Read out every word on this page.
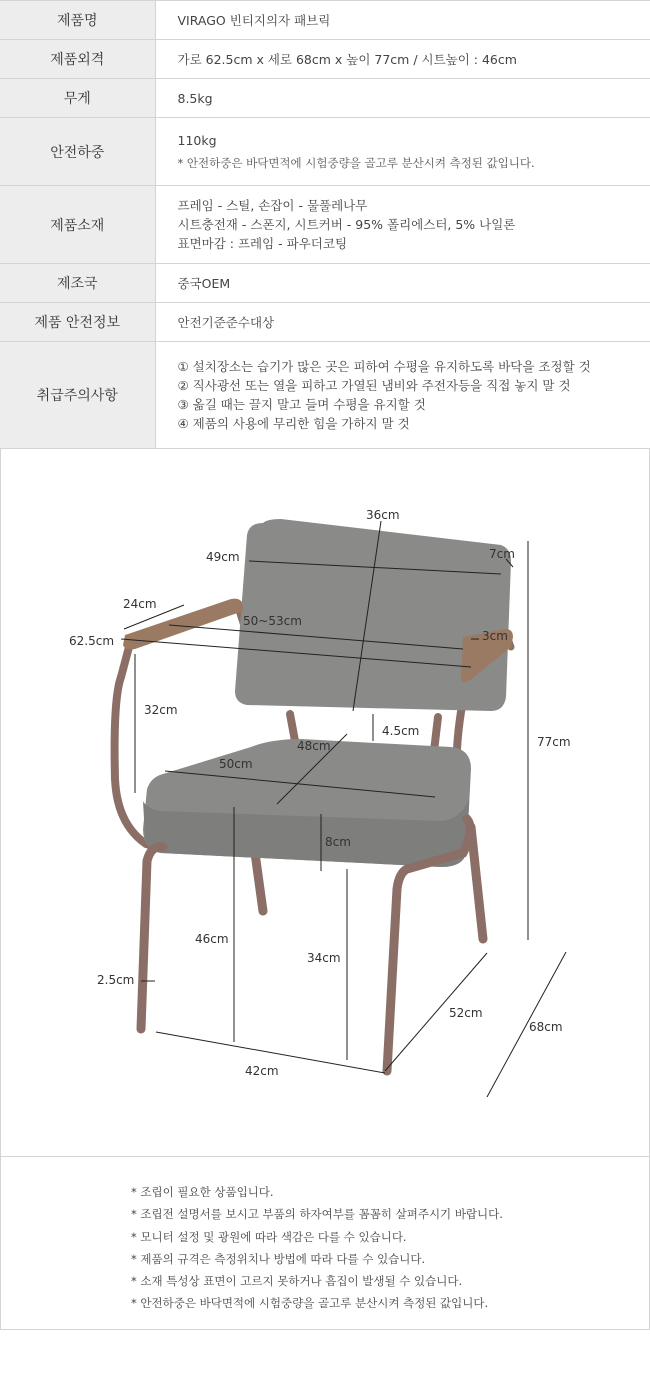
제품명	VIRAGO 빈티지의자 패브릭

제품외격	가로 62.5cm x 세로 68cm x 높이 77cm / 시트높이 : 46cm

무게	8.5kg

안전하중	110kg
* 안전하중은 바닥면적에 시험중량을 골고루 분산시켜 측정된 값입니다.

제품소재	프레임 - 스틸, 손잡이 - 물풀레나무
시트충전재 - 스폰지, 시트커버 - 95% 폴리에스터, 5% 나일론
표면마감 : 프레임 - 파우더코팅

제조국	중국OEM

제품 안전정보	안전기준준수대상

취급주의사항	① 설치장소는 습기가 많은 곳은 피하여 수평을 유지하도록 바닥을 조정할 것
② 직사광선 또는 열을 피하고 가열된 냄비와 주전자등을 직접 놓지 말 것
③ 옮길 때는 끌지 말고 들며 수평을 유지할 것
④ 제품의 사용에 무리한 힘을 가하지 말 것
36cm
49cm	7cm
24cm
62.5cm
50~53cm
3cm
32cm
4.5cm
48cm
50cm
77cm
8cm
46cm
34cm
2.5cm
52cm
68cm
42cm
* 조립이 필요한 상품입니다.
* 조립전 설명서를 보시고 부품의 하자여부를 꼼꼼히 살펴주시기 바랍니다.
* 모니터 설정 및 광원에 따라 색감은 다를 수 있습니다.
* 제품의 규격은 측정위치나 방법에 따라 다를 수 있습니다.
* 소재 특성상 표면이 고르지 못하거나 흠집이 발생될 수 있습니다.
* 안전하중은 바닥면적에 시험중량을 골고루 분산시켜 측정된 값입니다.
